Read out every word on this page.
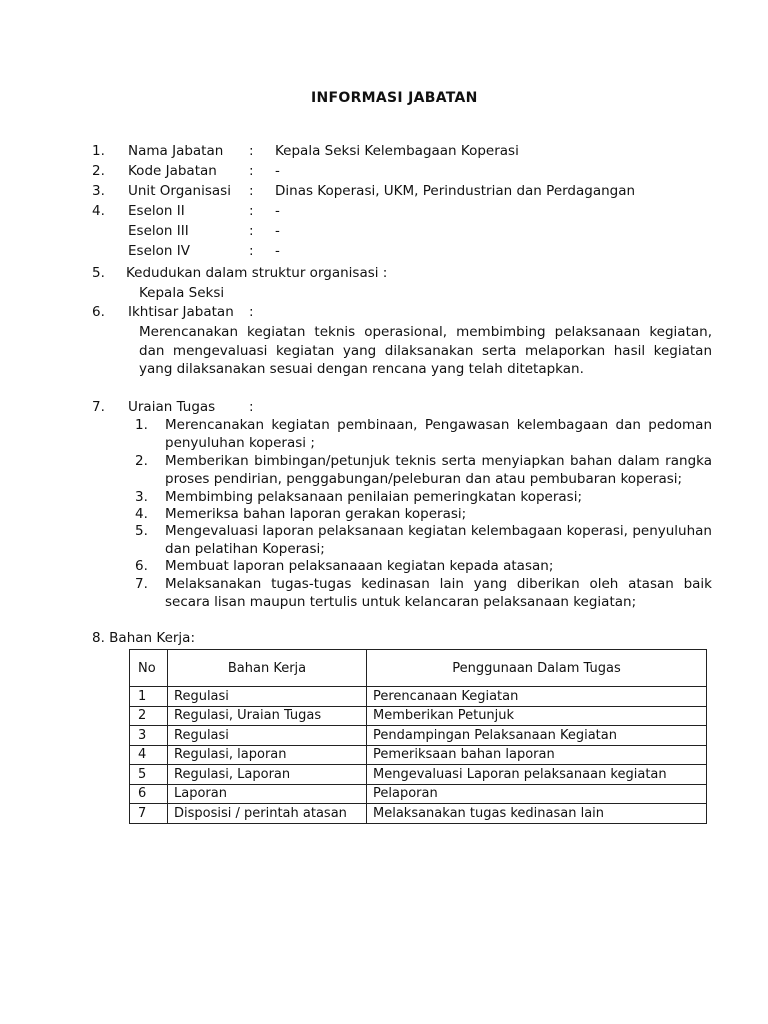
INFORMASI JABATAN
1. Nama Jabatan : Kepala Seksi Kelembagaan Koperasi
2. Kode Jabatan : -
3. Unit Organisasi : Dinas Koperasi, UKM, Perindustrian dan Perdagangan
4. Eselon II	: -
Eselon III	: -
Eselon IV	: -
5. Kedudukan dalam struktur organisasi :
Kepala Seksi
6. Ikhtisar Jabatan :
Merencanakan kegiatan teknis operasional, membimbing pelaksanaan kegiatan, dan mengevaluasi kegiatan yang dilaksanakan serta melaporkan hasil kegiatan yang dilaksanakan sesuai dengan rencana yang telah ditetapkan.
7. Uraian Tugas	:
1. Merencanakan kegiatan pembinaan, Pengawasan kelembagaan dan pedoman penyuluhan koperasi ;
2. Memberikan bimbingan/petunjuk teknis serta menyiapkan bahan dalam rangka proses pendirian, penggabungan/peleburan dan atau pembubaran koperasi;
3. Membimbing pelaksanaan penilaian pemeringkatan koperasi;
4. Memeriksa bahan laporan gerakan koperasi;
5. Mengevaluasi laporan pelaksanaan kegiatan kelembagaan koperasi, penyuluhan dan pelatihan Koperasi;
6. Membuat laporan pelaksanaaan kegiatan kepada atasan;
7. Melaksanakan tugas-tugas kedinasan lain yang diberikan oleh atasan baik secara lisan maupun tertulis untuk kelancaran pelaksanaan kegiatan;
8. Bahan Kerja:
No	Bahan Kerja	Penggunaan Dalam Tugas
1	Regulasi	Perencanaan Kegiatan
2	Regulasi, Uraian Tugas	Memberikan Petunjuk
3	Regulasi	Pendampingan Pelaksanaan Kegiatan
4	Regulasi, laporan	Pemeriksaan bahan laporan
5	Regulasi, Laporan	Mengevaluasi Laporan pelaksanaan kegiatan
6	Laporan	Pelaporan
7	Disposisi / perintah atasan	Melaksanakan tugas kedinasan lain
